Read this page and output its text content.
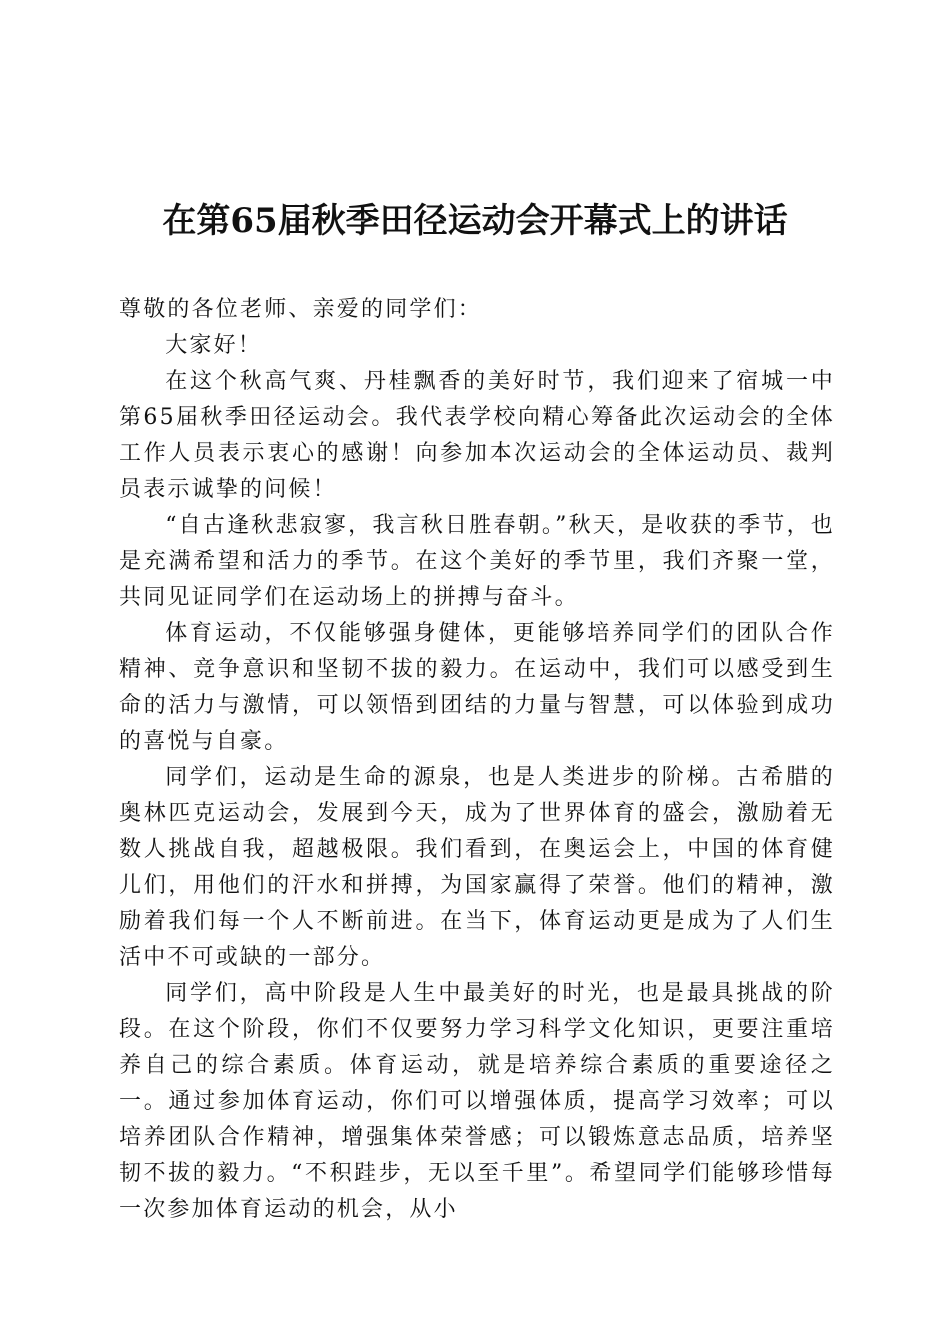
在第65届秋季田径运动会开幕式上的讲话

尊敬的各位老师、亲爱的同学们：

大家好！

在这个秋高气爽、丹桂飘香的美好时节，我们迎来了宿城一中第65届秋季田径运动会。我代表学校向精心筹备此次运动会的全体工作人员表示衷心的感谢！向参加本次运动会的全体运动员、裁判员表示诚挚的问候！

“自古逢秋悲寂寥，我言秋日胜春朝。”秋天，是收获的季节，也是充满希望和活力的季节。在这个美好的季节里，我们齐聚一堂，共同见证同学们在运动场上的拼搏与奋斗。

体育运动，不仅能够强身健体，更能够培养同学们的团队合作精神、竞争意识和坚韧不拔的毅力。在运动中，我们可以感受到生命的活力与激情，可以领悟到团结的力量与智慧，可以体验到成功的喜悦与自豪。

同学们，运动是生命的源泉，也是人类进步的阶梯。古希腊的奥林匹克运动会，发展到今天，成为了世界体育的盛会，激励着无数人挑战自我，超越极限。我们看到，在奥运会上，中国的体育健儿们，用他们的汗水和拼搏，为国家赢得了荣誉。他们的精神，激励着我们每一个人不断前进。在当下，体育运动更是成为了人们生活中不可或缺的一部分。

同学们，高中阶段是人生中最美好的时光，也是最具挑战的阶段。在这个阶段，你们不仅要努力学习科学文化知识，更要注重培养自己的综合素质。体育运动，就是培养综合素质的重要途径之一。通过参加体育运动，你们可以增强体质，提高学习效率；可以培养团队合作精神，增强集体荣誉感；可以锻炼意志品质，培养坚韧不拔的毅力。“不积跬步，无以至千里”。希望同学们能够珍惜每一次参加体育运动的机会，从小
